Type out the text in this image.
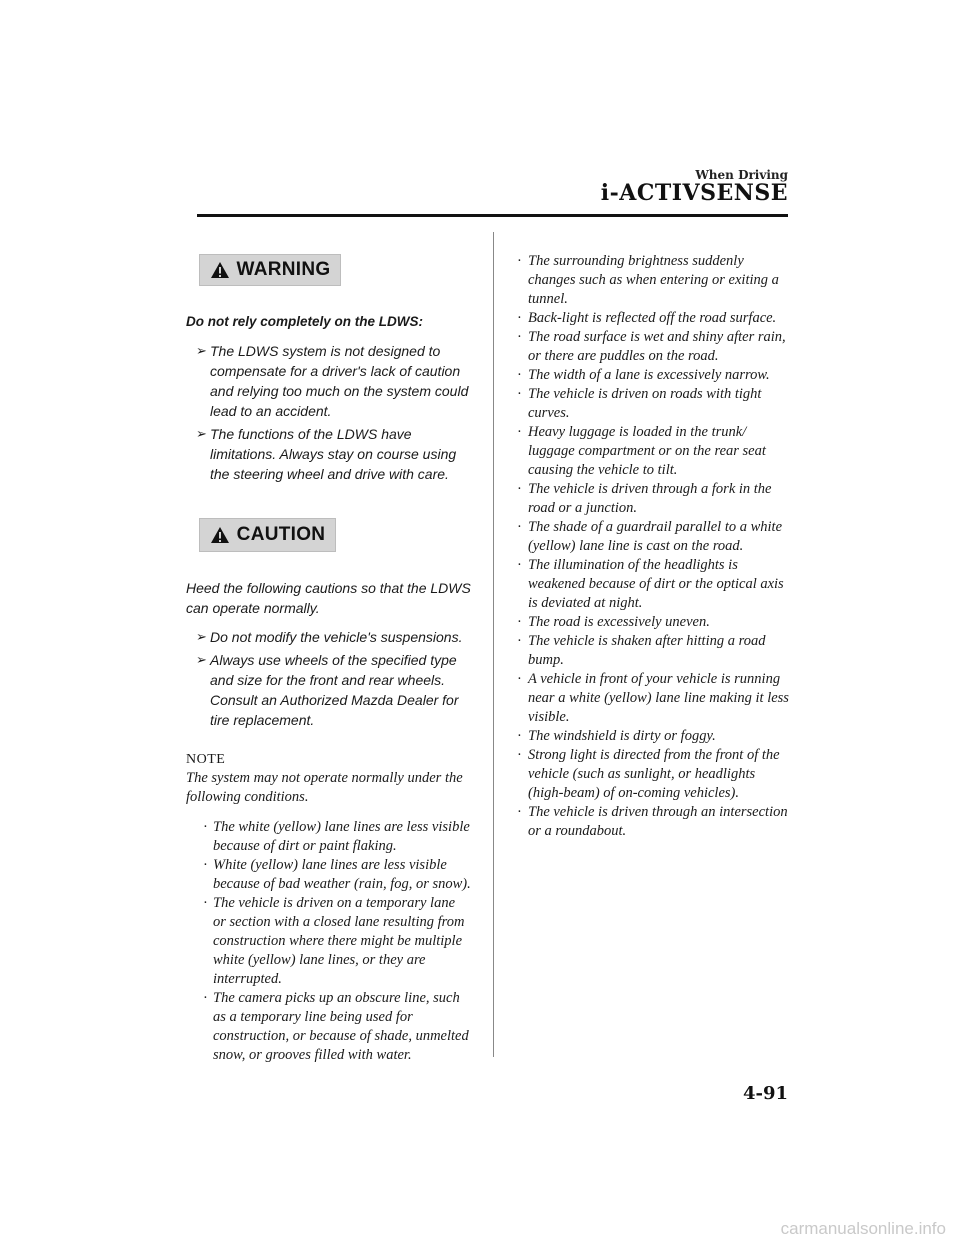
When Driving
i-ACTIVSENSE
WARNING
Do not rely completely on the LDWS:
➢ The LDWS system is not designed to compensate for a driver's lack of caution and relying too much on the system could lead to an accident.
➢ The functions of the LDWS have limitations. Always stay on course using the steering wheel and drive with care.
CAUTION
Heed the following cautions so that the LDWS can operate normally.
➢ Do not modify the vehicle's suspensions.
➢ Always use wheels of the specified type and size for the front and rear wheels. Consult an Authorized Mazda Dealer for tire replacement.
NOTE
The system may not operate normally under the following conditions.
· The white (yellow) lane lines are less visible because of dirt or paint flaking.
· White (yellow) lane lines are less visible because of bad weather (rain, fog, or snow).
· The vehicle is driven on a temporary lane or section with a closed lane resulting from construction where there might be multiple white (yellow) lane lines, or they are interrupted.
· The camera picks up an obscure line, such as a temporary line being used for construction, or because of shade, unmelted snow, or grooves filled with water.
· The surrounding brightness suddenly changes such as when entering or exiting a tunnel.
· Back-light is reflected off the road surface.
· The road surface is wet and shiny after rain, or there are puddles on the road.
· The width of a lane is excessively narrow.
· The vehicle is driven on roads with tight curves.
· Heavy luggage is loaded in the trunk/ luggage compartment or on the rear seat causing the vehicle to tilt.
· The vehicle is driven through a fork in the road or a junction.
· The shade of a guardrail parallel to a white (yellow) lane line is cast on the road.
· The illumination of the headlights is weakened because of dirt or the optical axis is deviated at night.
· The road is excessively uneven.
· The vehicle is shaken after hitting a road bump.
· A vehicle in front of your vehicle is running near a white (yellow) lane line making it less visible.
· The windshield is dirty or foggy.
· Strong light is directed from the front of the vehicle (such as sunlight, or headlights (high-beam) of on-coming vehicles).
· The vehicle is driven through an intersection or a roundabout.
4-91
carmanualsonline.info
